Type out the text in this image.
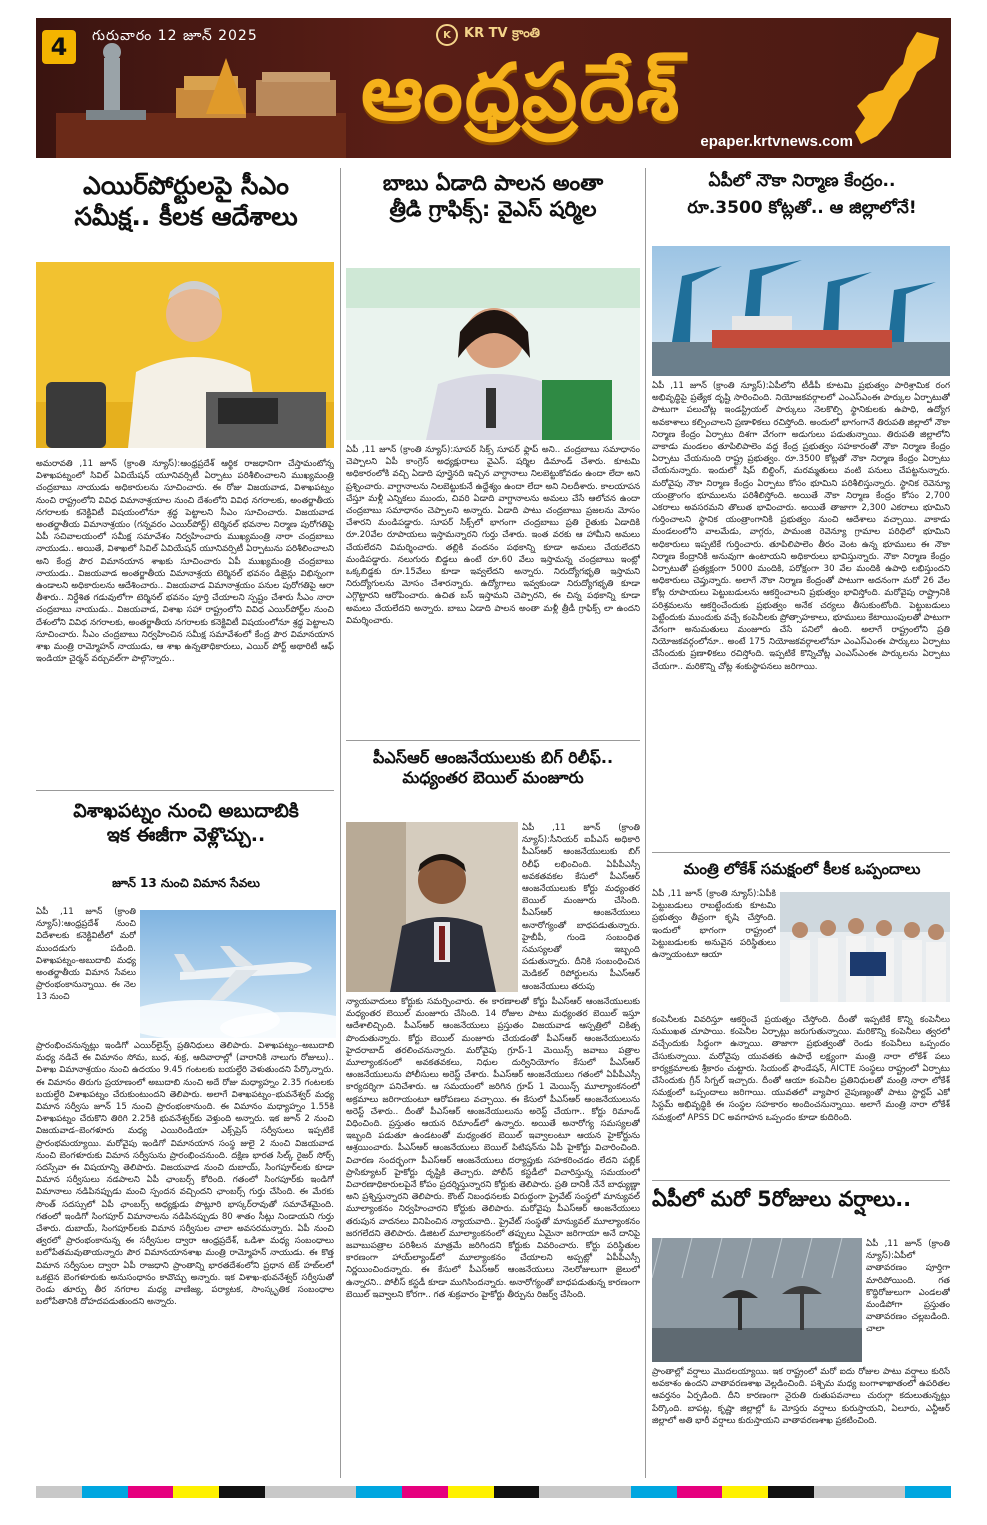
4	గురువారం 12 జూన్ 2025	K	KR TV క్రాంతి
ఆంధ్రప్రదేశ్
epaper.krtvnews.com
ఎయిర్‌పోర్టులపై సీఎం
సమీక్ష.. కీలక ఆదేశాలు
అమరావతి ,11 జూన్ (క్రాంతి న్యూస్):ఆంధ్రప్రదేశ్ ఆర్థిక రాజధానిగా చేస్తామంటోన్న విశాఖపట్నంలో సివిల్ ఏవియేషన్ యూనివర్సిటీ ఏర్పాటు పరిశీలించాలని ముఖ్యమంత్రి చంద్రబాబు నాయుడు అధికారులను సూచించారు. ఈ రోజు విజయవాడ, విశాఖపట్నం నుంచి రాష్ట్రంలోని వివిధ విమానాశ్రయాల నుంచి దేశంలోని వివిధ నగరాలకు, అంతర్జాతీయ నగరాలకు కనెక్టివిటీ విషయంలోనూ శ్రద్ధ పెట్టాలని సీఎం సూచించారు. విజయవాడ అంతర్జాతీయ విమానాశ్రయం (గన్నవరం ఎయిర్‌పోర్ట్) టెర్మినల్ భవనాల నిర్మాణ పురోగతిపై ఏపీ సచివాలయంలో సమీక్ష సమావేశం నిర్వహించారు ముఖ్యమంత్రి నారా చంద్రబాబు నాయుడు.. అయితే, విశాఖలో సివిల్ ఏవియేషన్ యూనివర్సిటీ ఏర్పాటును పరిశీలించాలని అని కేంద్ర పౌర విమానయాన శాఖకు సూచించారు ఏపీ ముఖ్యమంత్రి చంద్రబాబు నాయుడు.. విజయవాడ అంతర్జాతీయ విమానాశ్రయ టెర్మినల్ భవనం డిజైన్లు విభిన్నంగా ఉండాలని అధికారులను ఆదేశించారు.. విజయవాడ విమానాశ్రయం పనుల పురోగతిపై ఆరా తీశారు.. నిర్దేశిత గడువులోగా టెర్మినల్ భవనం పూర్తి చేయాలని స్పష్టం చేశారు సీఎం నారా చంద్రబాబు నాయుడు.. విజయవాడ, విశాఖ సహా రాష్ట్రంలోని వివిధ ఎయిర్‌పోర్ట్‌ల నుంచి దేశంలోని వివిధ నగరాలకు, అంతర్జాతీయ నగరాలకు కనెక్టివిటీ విషయంలోనూ శ్రద్ధ పెట్టాలని సూచించారు. సీఎం చంద్రబాబు నిర్వహించిన సమీక్ష సమావేశంలో కేంద్ర పౌర విమానయాన శాఖ మంత్రి రామ్మోహన్ నాయుడు, ఆ శాఖ ఉన్నతాధికారులు, ఎయిర్ పోర్ట్ అథారిటీ ఆఫ్ ఇండియా చైర్మన్ వర్చువల్‌గా పాల్గొన్నారు..
విశాఖపట్నం నుంచి అబుదాబికి
ఇక ఈజీగా వెళ్లొచ్చు..
జూన్ 13 నుంచి విమాన సేవలు
ఏపీ ,11 జూన్ (క్రాంతి న్యూస్):ఆంధ్రప్రదేశ్ నుంచి విదేశాలకు కనెక్టివిటీలో మరో ముందడుగు పడింది. విశాఖపట్నం-అబుదాబి మధ్య అంతర్జాతీయ విమాన సేవలు ప్రారంభంకానున్నాయి. ఈ నెల 13 నుంచి
ప్రారంభించనున్నట్లు ఇండిగో ఎయిర్‌లైన్స్ ప్రతినిధులు తెలిపారు. విశాఖపట్నం–అబుదాబి మధ్య నడిచే ఈ విమానం సోమ, బుధ, శుక్ర, ఆదివారాల్లో (వారానికి నాలుగు రోజులు).. విశాఖ విమానాశ్రయం నుంచి ఉదయం 9.45 గంటలకు బయల్దేరి వెళుతుందని పేర్కొన్నారు. ఈ విమానం తిరుగు ప్రయాణంలో అబుదాబి నుంచి అదే రోజు మధ్యాహ్నం 2.35 గంటలకు బయల్దేరి విశాఖపట్నం చేరుకుంటుందని తెలిపారు. అలాగే విశాఖపట్నం–భువనేశ్వర్ మధ్య విమాన సర్వీసు జూన్ 15 నుంచి ప్రారంభంకానుంది. ఈ విమానం మధ్యాహ్నం 1.55కి విశాఖపట్నం చేరుకొని తిరిగి 2.25కి భువనేశ్వర్‌కు వెళ్తుంది అన్నారు. ఇక జూన్ 2 నుంచి విజయవాడ–బెంగళూరు మధ్య ఎయిరిండియా ఎక్స్‌ప్రెస్ సర్వీసులు ఇప్పటికే ప్రారంభమయ్యాయి. మరోవైపు ఇండిగో విమానయాన సంస్థ జులై 2 నుంచి విజయవాడ నుంచి బెంగళూరుకు విమాన సర్వీసును ప్రారంభించనుంది. దక్షిణ భారత సిల్క్ రైజర్ సోర్స్ సదస్సేవా ఈ విషయాన్ని తెలిపారు. విజయవాడ నుంచి దుబాయ్, సింగపూర్‌లకు కూడా విమాన సర్వీసులు నడపాలని ఏపీ ఛాంబర్స్ కోరింది. గతంలో సింగపూర్‌కు ఇండిగో విమానాలు నడిపినప్పుడు మంచి స్పందన వచ్చిందని ఛాంబర్స్ గుర్తు చేసింది. ఈ మేరకు సొంత్ సదస్సులో ఏపీ ఛాంబర్స్ అధ్యక్షుడు పొట్లూరి భాస్కర్‌రావుతో సమావేశమైంది. గతంలో ఇండిగో సింగపూర్ విమానాలను నడిపినప్పుడు 80 శాతం సీట్లు నిండాయని గుర్తు చేశారు. దుబాయ్, సింగపూర్‌లకు విమాన సర్వీసుల చాలా అవసరమన్నారు. ఏపీ నుంచి త్వరలో ప్రారంభంకానున్న ఈ సర్వీసుల ద్వారా ఆంధ్రప్రదేశ్, ఒడిశా మధ్య సంబంధాలు బలోపేతమవుతాయన్నారు పౌర విమానయానశాఖ మంత్రి రామ్మోహన్ నాయుడు. ఈ కొత్త విమాన సర్వీసుల ద్వారా ఏపీ రాజధాని ప్రాంతాన్ని భారతదేశంలోని ప్రధాన టెక్ హబ్‌లలో ఒకటైన బెంగళూరుకు అనుసంధానం కావొచ్చు అన్నారు. ఇక విశాఖ-భువనేశ్వర్ సర్వీసుతో రెండు తూర్పు తీర నగరాల మధ్య వాణిజ్య, పర్యాటక, సాంస్కృతిక సంబంధాల బలోపేతానికి దోహదపడుతుందని అన్నారు.
బాబు ఏడాది పాలన అంతా
త్రీడి గ్రాఫిక్స్: వైఎస్ షర్మిల
ఏపీ ,11 జూన్ (క్రాంతి న్యూస్):సూపర్ సిక్స్ సూపర్ ఫ్లాప్ అని.. చంద్రబాబు సమాధానం చెప్పాలని ఏపీ కాంగ్రెస్ అధ్యక్షురాలు వైఎస్. షర్మిల డిమాండ్ చేశారు. కూటమి అధికారంలోకి వచ్చి ఏడాది పూర్తైనది ఇచ్చిన వాగ్దానాలు నిలబెట్టుకోవడం ఉందా లేదా అని ప్రశ్నించారు. వాగ్దానాలను నిలబెట్టుకునే ఉద్దేశ్యం ఉందా లేదా అని నిలదీశారు. కాలయాపన చేస్తూ మళ్లీ ఎన్నికలు ముందు, చివరి ఏడాది వాగ్దానాలను అమలు చేసే ఆలోచన ఉందా చంద్రబాబు సమాధానం చెప్పాలని అన్నారు. ఏడాది పాటు చంద్రబాబు ప్రజలను మోసం చేశారని మండిపడ్డారు. సూపర్ సిక్స్‌లో భాగంగా చంద్రబాబు ప్రతి రైతుకు ఏడాదికి రూ.20వేల రూపాయలు ఇస్తామన్నారని గుర్తు చేశారు. ఇంత వరకు ఆ హామీని అమలు చేయలేదని విమర్శించారు. తల్లికి వందనం పథకాన్ని కూడా అమలు చేయలేదని మండిపడ్డారు. నలుగురు బిడ్డలు ఉంటే రూ.60 వేలు ఇస్తామన్న చంద్రబాబు ఇంట్లో ఒక్కబిడ్డకు రూ.15వేలు కూడా ఇవ్వలేదని అన్నారు. నిరుద్యోగభృతి ఇస్తామని నిరుద్యోగులను మోసం చేశారన్నారు. ఉద్యోగాలు ఇవ్వకుండా నిరుద్యోగభృతి కూడా ఎగ్గొట్టారని ఆరోపించారు. ఉచిత బస్ ఇస్తామని చెప్పారని, ఈ చిన్న పథకాన్ని కూడా అమలు చేయలేదని అన్నారు. బాబు ఏడాది పాలన అంతా మళ్లీ త్రీడీ గ్రాఫిక్స్ లా ఉందని విమర్శించారు.
పీఎస్ఆర్ ఆంజనేయులుకు బిగ్ రిలీఫ్..
మధ్యంతర బెయిల్ మంజూరు
ఏపీ ,11 జూన్ (క్రాంతి న్యూస్):సీనియర్ ఐపీఎస్ అధికారి పీఎస్ఆర్ ఆంజనేయులుకు బిగ్ రిలీఫ్ లభించింది. ఏపీపీఎస్సీ అవకతవకల కేసులో పీఎస్ఆర్ ఆంజనేయులుకు కోర్టు మధ్యంతర బెయిల్ మంజూరు చేసింది. పీఎస్ఆర్ ఆంజనేయులు అనారోగ్యంతో బాధపడుతున్నారు. హైబీపీ, గుండె సంబంధిత సమస్యలతో ఇబ్బంది పడుతున్నారు. దీనికి సంబంధించిన మెడికల్ రిపోర్టులను పీఎస్ఆర్ ఆంజనేయులు తరుపు
న్యాయవాదులు కోర్టుకు సమర్పించారు. ఈ కారణాలతో కోర్టు పీఎస్ఆర్ ఆంజనేయులుకు మధ్యంతర బెయిల్ మంజూరు చేసింది. 14 రోజుల పాటు మధ్యంతర బెయిల్ ఇస్తూ ఆదేశాలిచ్చింది. పీఎస్ఆర్ ఆంజనేయులు ప్రస్తుతం విజయవాడ ఆస్పత్రిలో చికిత్స పొందుతున్నారు. కోర్టు బెయిల్ మంజూరు చేయడంతో పీఎస్ఆర్ ఆంజనేయులును హైదరాబాద్ తరలించనున్నారు. మరోవైపు గ్రూప్-1 మెయిన్స్ జవాబు పత్రాల మూల్యాంకనంలో అవకతవకలు, నిధుల దుర్వినియోగం కేసులో పీఎస్ఆర్ ఆంజనేయులును పోలీసులు అరెస్ట్ చేశారు. పీఎస్ఆర్ ఆంజనేయులు గతంలో ఏపీపీఎస్సీ కార్యదర్శిగా పనిచేశారు. ఆ సమయంలో జరిగిన గ్రూప్ 1 మెయిన్స్ మూల్యాంకనంలో అక్రమాలు జరిగాయంటూ ఆరోపణలు వచ్చాయి. ఈ కేసులో పీఎస్ఆర్ ఆంజనేయులును అరెస్ట్ చేశారు.. దీంతో పీఎస్ఆర్ ఆంజనేయులును అరెస్ట్ చేయగా.. కోర్టు రిమాండ్ విధించింది. ప్రస్తుతం ఆయన రిమాండ్‌లో ఉన్నారు. అయితే అనారోగ్య సమస్యలతో ఇబ్బంది పడుతూ ఉండటంతో మధ్యంతర బెయిల్ ఇవ్వాలంటూ ఆయన హైకోర్టును ఆశ్రయించారు. పీఎస్ఆర్ ఆంజనేయులు బెయిల్ పిటిషన్‌ను ఏపీ హైకోర్టు విచారించింది. విచారణ సందర్భంగా పీఎస్ఆర్ ఆంజనేయులు దర్యాప్తుకు సహకరించడం లేదని పబ్లిక్ ప్రాసిక్యూటర్ హైకోర్టు దృష్టికి తెచ్చారు. పోలీస్ కస్టడీలో విచారిస్తున్న సమయంలో విచారణాధికారులపైనే కోపం ప్రదర్శిస్తున్నారని కోర్టుకు తెలిపారు. ప్రతి దానికీ నేనే బాధ్యుణ్ణా అని ప్రశ్నిస్తున్నారని తెలిపారు. కౌంట్ నిబంధనలకు విరుద్ధంగా ప్రైవేట్ సంస్థలో మాన్యువల్ మూల్యాంకనం నిర్వహించారని కోర్టుకు తెలిపారు. మరోవైపు పీఎస్ఆర్ ఆంజనేయులు తరుపున వాదనలు వినిపించిన న్యాయవాది.. ప్రైవేట్ సంస్థతో మాన్యువల్ మూల్యాంకనం జరగలేదని తెలిపారు. డిజిటల్ మూల్యాంకనంలో తప్పులు ఏమైనా జరిగాయా అనే దానిపై జవాబుపత్రాల పరిశీలన మాత్రమే జరిగిందని కోర్టుకు వివరించారు. కోర్టు పరిస్థితుల కారణంగా హాయ్‌ల్యాండ్‌లో మూల్యాంకనం చేయాలని అప్పట్లో ఏపీపీఎస్సీ నిర్ణయించిందన్నారు. ఈ కేసులో పీఎస్ఆర్ ఆంజనేయులు నెలరోజులుగా జైలులో ఉన్నారని.. పోలీస్ కస్టడీ కూడా ముగిసిందన్నారు. అనారోగ్యంతో బాధపడుతున్న కారణంగా బెయిల్ ఇవ్వాలని కోరగా.. గత శుక్రవారం హైకోర్టు తీర్పును రిజర్వ్ చేసింది.
ఏపీలో నౌకా నిర్మాణ కేంద్రం..
రూ.3500 కోట్లతో.. ఆ జిల్లాలోనే!
ఏపీ ,11 జూన్ (క్రాంతి న్యూస్):ఏపీలోని టీడీపీ కూటమి ప్రభుత్వం పారిశ్రామిక రంగ అభివృద్ధిపై ప్రత్యేక దృష్టి సారించింది. నియోజకవర్గాలలో ఎంఎస్ఎంఈ పార్కుల ఏర్పాటుతో పాటుగా పలుచోట్ల ఇండస్ట్రియల్ పార్కులు నెలకొల్పి స్థానికులకు ఉపాధి, ఉద్యోగ అవకాశాలు కల్పించాలని ప్రణాళికలు రచిస్తోంది. అందులో భాగంగానే తిరుపతి జిల్లాలో నౌకా నిర్మాణ కేంద్రం ఏర్పాటు దిశగా వేగంగా అడుగులు పడుతున్నాయి. తిరుపతి జిల్లాలోని వాకాడు మండలం తూపిలిపాలెం వద్ద కేంద్ర ప్రభుత్వం సహకారంతో నౌకా నిర్మాణ కేంద్రం ఏర్పాటు చేయనుంది రాష్ట్ర ప్రభుత్వం. రూ.3500 కోట్లతో నౌకా నిర్మాణ కేంద్రం ఏర్పాటు చేయనున్నారు. ఇందులో షిప్ బిల్డింగ్, మరమ్మతులు వంటి పనులు చేపట్టనున్నారు. మరోవైపు నౌకా నిర్మాణ కేంద్రం ఏర్పాటు కోసం భూమిని పరిశీలిస్తున్నారు. స్థానిక రెవెన్యూ యంత్రాంగం భూములను పరిశీలిస్తోంది. అయితే నౌకా నిర్మాణ కేంద్రం కోసం 2,700 ఎకరాలు అవసరమని తొలుత భావించారు. అయితే తాజాగా 2,300 ఎకరాలు భూమిని గుర్తించాలని స్థానిక యంత్రాంగానికి ప్రభుత్వం నుంచి ఆదేశాలు వచ్చాయి. వాకాడు మండలంలోని వాలమేడు, వాగ్గరు, పామంజి రెవెన్యూ గ్రామాల పరిధిలో భూమిని అధికారులు ఇప్పటికే గుర్తించారు. తూపిలిపాలెం తీరం వెంట ఉన్న భూములు ఈ నౌకా నిర్మాణ కేంద్రానికి అనువుగా ఉంటాయని అధికారులు భావిస్తున్నారు. నౌకా నిర్మాణ కేంద్రం ఏర్పాటుతో ప్రత్యక్షంగా 5000 మందికి, పరోక్షంగా 30 వేల మందికి ఉపాధి లభిస్తుందని అధికారులు చెప్తున్నారు. అలాగే నౌకా నిర్మాణ కేంద్రంతో పాటుగా అదనంగా మరో 26 వేల కోట్ల రూపాయలు పెట్టుబడులను ఆకర్షించాలని ప్రభుత్వం భావిస్తోంది. మరోవైపు రాష్ట్రానికి పరిశ్రమలను ఆకర్షించేందుకు ప్రభుత్వం అనేక చర్యలు తీసుకుంటోంది. పెట్టుబడులు పెట్టేందుకు ముందుకు వచ్చే కంపెనీలకు ప్రోత్సాహకాలు, భూములు కేటాయింపులతో పాటుగా వేగంగా అనుమతులు మంజూరు చేసే పనిలో ఉంది. అలాగే రాష్ట్రంలోని ప్రతి నియోజకవర్గంలోనూ.. అంటే 175 నియోజకవర్గాలలోనూ ఎంఎస్ఎంఈ పార్కులు ఏర్పాటు చేసేందుకు ప్రణాళికలు రచిస్తోంది. ఇప్పటికే కొన్నిచోట్ల ఎంఎస్ఎంఈ పార్కులను ఏర్పాటు చేయగా.. మరికొన్ని చోట్ల శంకుస్థాపనలు జరిగాయి.
మంత్రి లోకేశ్ సమక్షంలో కీలక ఒప్పందాలు
ఏపీ ,11 జూన్ (క్రాంతి న్యూస్):ఏపీకి పెట్టుబడులు రాబట్టేందుకు కూటమి ప్రభుత్వం తీవ్రంగా కృషి చేస్తోంది. ఇందులో భాగంగా రాష్ట్రంలో పెట్టుబడులకు అనువైన పరిస్థితులు ఉన్నాయంటూ ఆయా
కంపెనీలకు వివరిస్తూ ఆకర్షించే ప్రయత్నం చేస్తోంది. దీంతో ఇప్పటికే కొన్ని కంపెనీలు సుముఖత చూపాయి. కంపెనీల ఏర్పాట్లు జరుగుతున్నాయి. మరికొన్ని కంపెనీలు త్వరలో వచ్చేందుకు సిద్ధంగా ఉన్నాయి. తాజాగా ప్రభుత్వంతో రెండు కంపెనీలు ఒప్పందం చేసుకున్నాయి. మరోవైపు యువతకు ఉపాధే లక్ష్యంగా మంత్రి నారా లోకేశ్ పలు కార్యక్రమాలకు శ్రీకారం చుట్టారు. సియంట్ ఫౌండేషన్, AICTE సంస్థలు రాష్ట్రంలో ఏర్పాటు చేసేందుకు గ్రీన్ సిగ్నల్ ఇచ్చారు. దీంతో ఆయా కంపెనీల ప్రతినిధులతో మంత్రి నారా లోకేశ్ సమక్షంలో ఒప్పందాలు జరిగాయి. యువతలో వ్యాపార నైపుణ్యంతో పాటు స్టార్టప్ ఎకో సిస్టమ్ అభివృద్ధికి ఈ సంస్థల సహకారం అందించనున్నాయి. అలాగే మంత్రి నారా లోకేశ్ సమక్షంలో APSS DC అవగాహన ఒప్పందం కూడా కుదిరింది.
ఏపీలో మరో 5రోజులు వర్షాలు..
ఏపీ ,11 జూన్ (క్రాంతి న్యూస్):ఏపీలో వాతావరణం పూర్తిగా మారిపోయింది. గత కొద్దిరోజులుగా ఎండలతో మండిపోగా ప్రస్తుతం వాతావరణం చల్లబడింది. చాలా
ప్రాంతాల్లో వర్షాలు మొదలయ్యాయి. ఇక రాష్ట్రంలో మరో ఐదు రోజుల పాటు వర్షాలు కురిసే అవకాశం ఉందని వాతావరణశాఖ వెల్లడించింది. పశ్చిమ మధ్య బంగాళాఖాతంలో ఉపరితల ఆవర్తనం ఏర్పడింది. దీని కారణంగా నైరుతి రుతుపవనాలు చురుగ్గా కదులుతున్నట్లు పేర్కొంది. బాపట్ల, కృష్ణా జిల్లాల్లో ఓ మోస్తరు వర్షాలు కురుస్తాయని, ఏలూరు, ఎన్టీఆర్ జిల్లాలో అతి భారీ వర్షాలు కురుస్తాయని వాతావరణశాఖ ప్రకటించింది.
